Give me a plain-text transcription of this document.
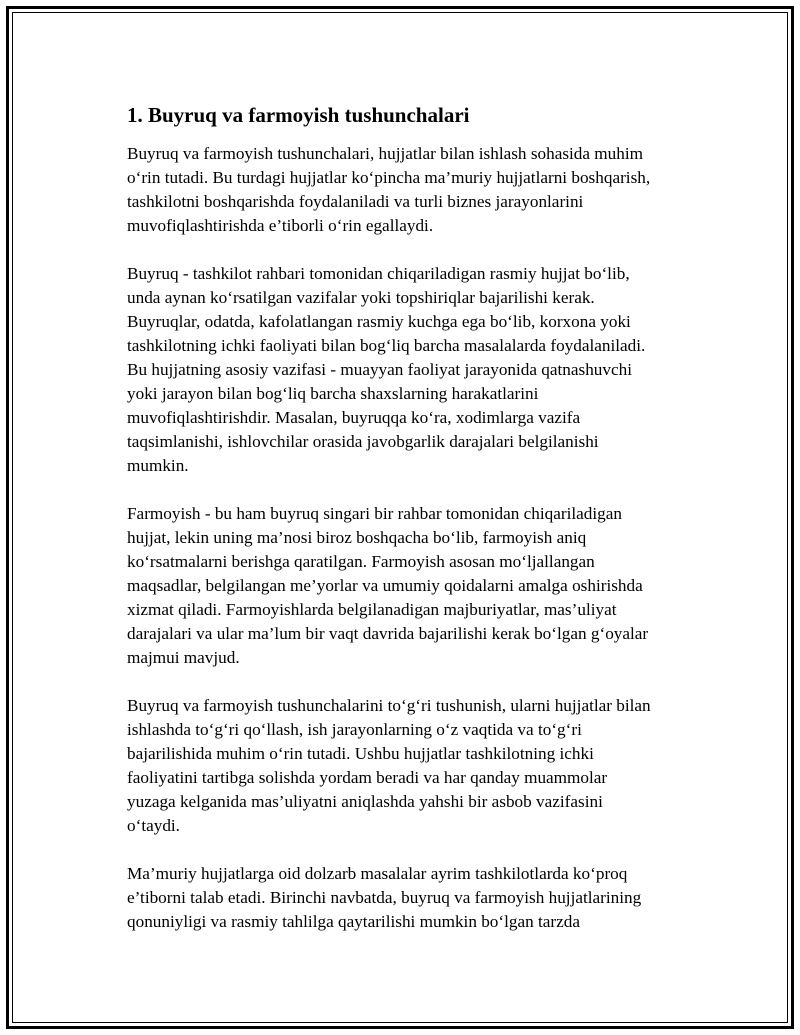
1. Buyruq va farmoyish tushunchalari

Buyruq va farmoyish tushunchalari, hujjatlar bilan ishlash sohasida muhim
o‘rin tutadi. Bu turdagi hujjatlar ko‘pincha ma’muriy hujjatlarni boshqarish,
tashkilotni boshqarishda foydalaniladi va turli biznes jarayonlarini
muvofiqlashtirishda e’tiborli o‘rin egallaydi.

Buyruq - tashkilot rahbari tomonidan chiqariladigan rasmiy hujjat bo‘lib,
unda aynan ko‘rsatilgan vazifalar yoki topshiriqlar bajarilishi kerak.
Buyruqlar, odatda, kafolatlangan rasmiy kuchga ega bo‘lib, korxona yoki
tashkilotning ichki faoliyati bilan bog‘liq barcha masalalarda foydalaniladi.
Bu hujjatning asosiy vazifasi - muayyan faoliyat jarayonida qatnashuvchi
yoki jarayon bilan bog‘liq barcha shaxslarning harakatlarini
muvofiqlashtirishdir. Masalan, buyruqqa ko‘ra, xodimlarga vazifa
taqsimlanishi, ishlovchilar orasida javobgarlik darajalari belgilanishi
mumkin.

Farmoyish - bu ham buyruq singari bir rahbar tomonidan chiqariladigan
hujjat, lekin uning ma’nosi biroz boshqacha bo‘lib, farmoyish aniq
ko‘rsatmalarni berishga qaratilgan. Farmoyish asosan mo‘ljallangan
maqsadlar, belgilangan me’yorlar va umumiy qoidalarni amalga oshirishda
xizmat qiladi. Farmoyishlarda belgilanadigan majburiyatlar, mas’uliyat
darajalari va ular ma’lum bir vaqt davrida bajarilishi kerak bo‘lgan g‘oyalar
majmui mavjud.

Buyruq va farmoyish tushunchalarini to‘g‘ri tushunish, ularni hujjatlar bilan
ishlashda to‘g‘ri qo‘llash, ish jarayonlarning o‘z vaqtida va to‘g‘ri
bajarilishida muhim o‘rin tutadi. Ushbu hujjatlar tashkilotning ichki
faoliyatini tartibga solishda yordam beradi va har qanday muammolar
yuzaga kelganida mas’uliyatni aniqlashda yahshi bir asbob vazifasini
o‘taydi.

Ma’muriy hujjatlarga oid dolzarb masalalar ayrim tashkilotlarda ko‘proq
e’tiborni talab etadi. Birinchi navbatda, buyruq va farmoyish hujjatlarining
qonuniyligi va rasmiy tahlilga qaytarilishi mumkin bo‘lgan tarzda
